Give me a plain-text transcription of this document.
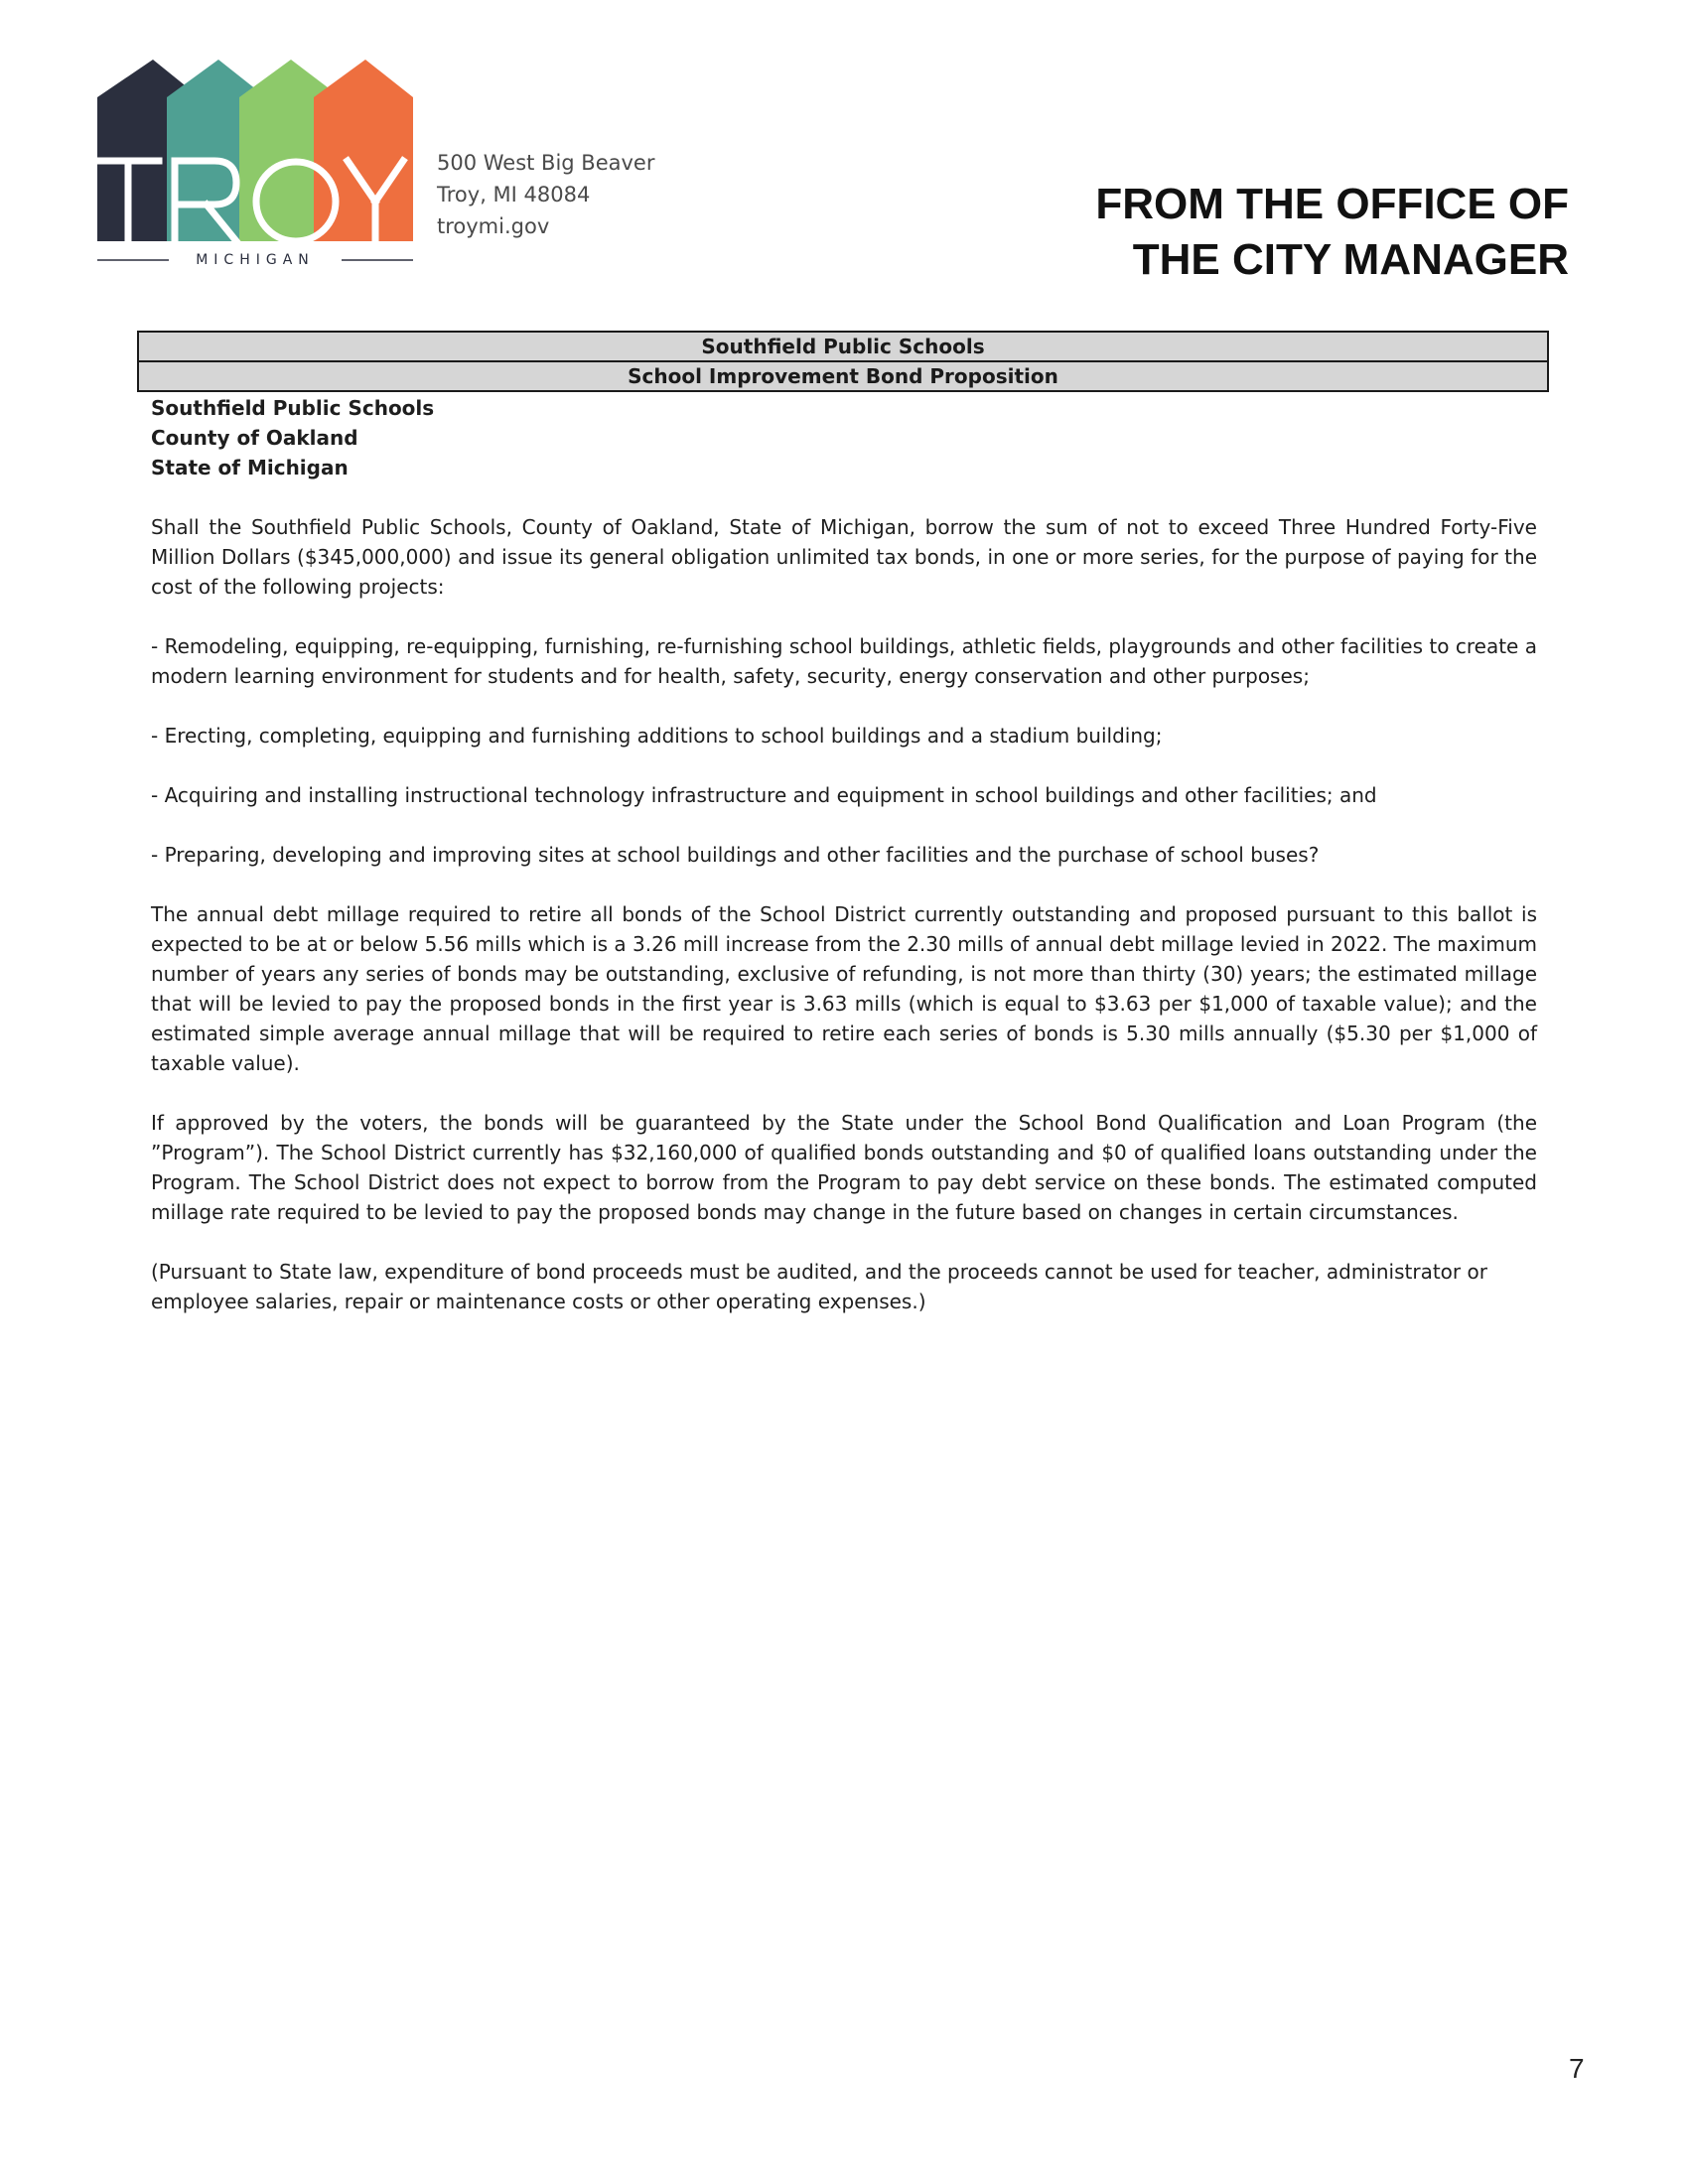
MICHIGAN
500 West Big Beaver
Troy, MI 48084
troymi.gov	FROM THE OFFICE OF
THE CITY MANAGER
Southfield Public Schools
School Improvement Bond Proposition
Southfield Public Schools
County of Oakland
State of Michigan

Shall the Southfield Public Schools, County of Oakland, State of Michigan, borrow the sum of not to exceed Three Hundred Forty-Five Million Dollars ($345,000,000) and issue its general obligation unlimited tax bonds, in one or more series, for the purpose of paying for the cost of the following projects:

- Remodeling, equipping, re-equipping, furnishing, re-furnishing school buildings, athletic fields, playgrounds and other facilities to create a modern learning environment for students and for health, safety, security, energy conservation and other purposes;

- Erecting, completing, equipping and furnishing additions to school buildings and a stadium building;

- Acquiring and installing instructional technology infrastructure and equipment in school buildings and other facilities; and

- Preparing, developing and improving sites at school buildings and other facilities and the purchase of school buses?

The annual debt millage required to retire all bonds of the School District currently outstanding and proposed pursuant to this ballot is expected to be at or below 5.56 mills which is a 3.26 mill increase from the 2.30 mills of annual debt millage levied in 2022. The maximum number of years any series of bonds may be outstanding, exclusive of refunding, is not more than thirty (30) years; the estimated millage that will be levied to pay the proposed bonds in the first year is 3.63 mills (which is equal to $3.63 per $1,000 of taxable value); and the estimated simple average annual millage that will be required to retire each series of bonds is 5.30 mills annually ($5.30 per $1,000 of taxable value).

If approved by the voters, the bonds will be guaranteed by the State under the School Bond Qualification and Loan Program (the ”Program”). The School District currently has $32,160,000 of qualified bonds outstanding and $0 of qualified loans outstanding under the Program. The School District does not expect to borrow from the Program to pay debt service on these bonds. The estimated computed millage rate required to be levied to pay the proposed bonds may change in the future based on changes in certain circumstances.

(Pursuant to State law, expenditure of bond proceeds must be audited, and the proceeds cannot be used for teacher, administrator or employee salaries, repair or maintenance costs or other operating expenses.)

7
